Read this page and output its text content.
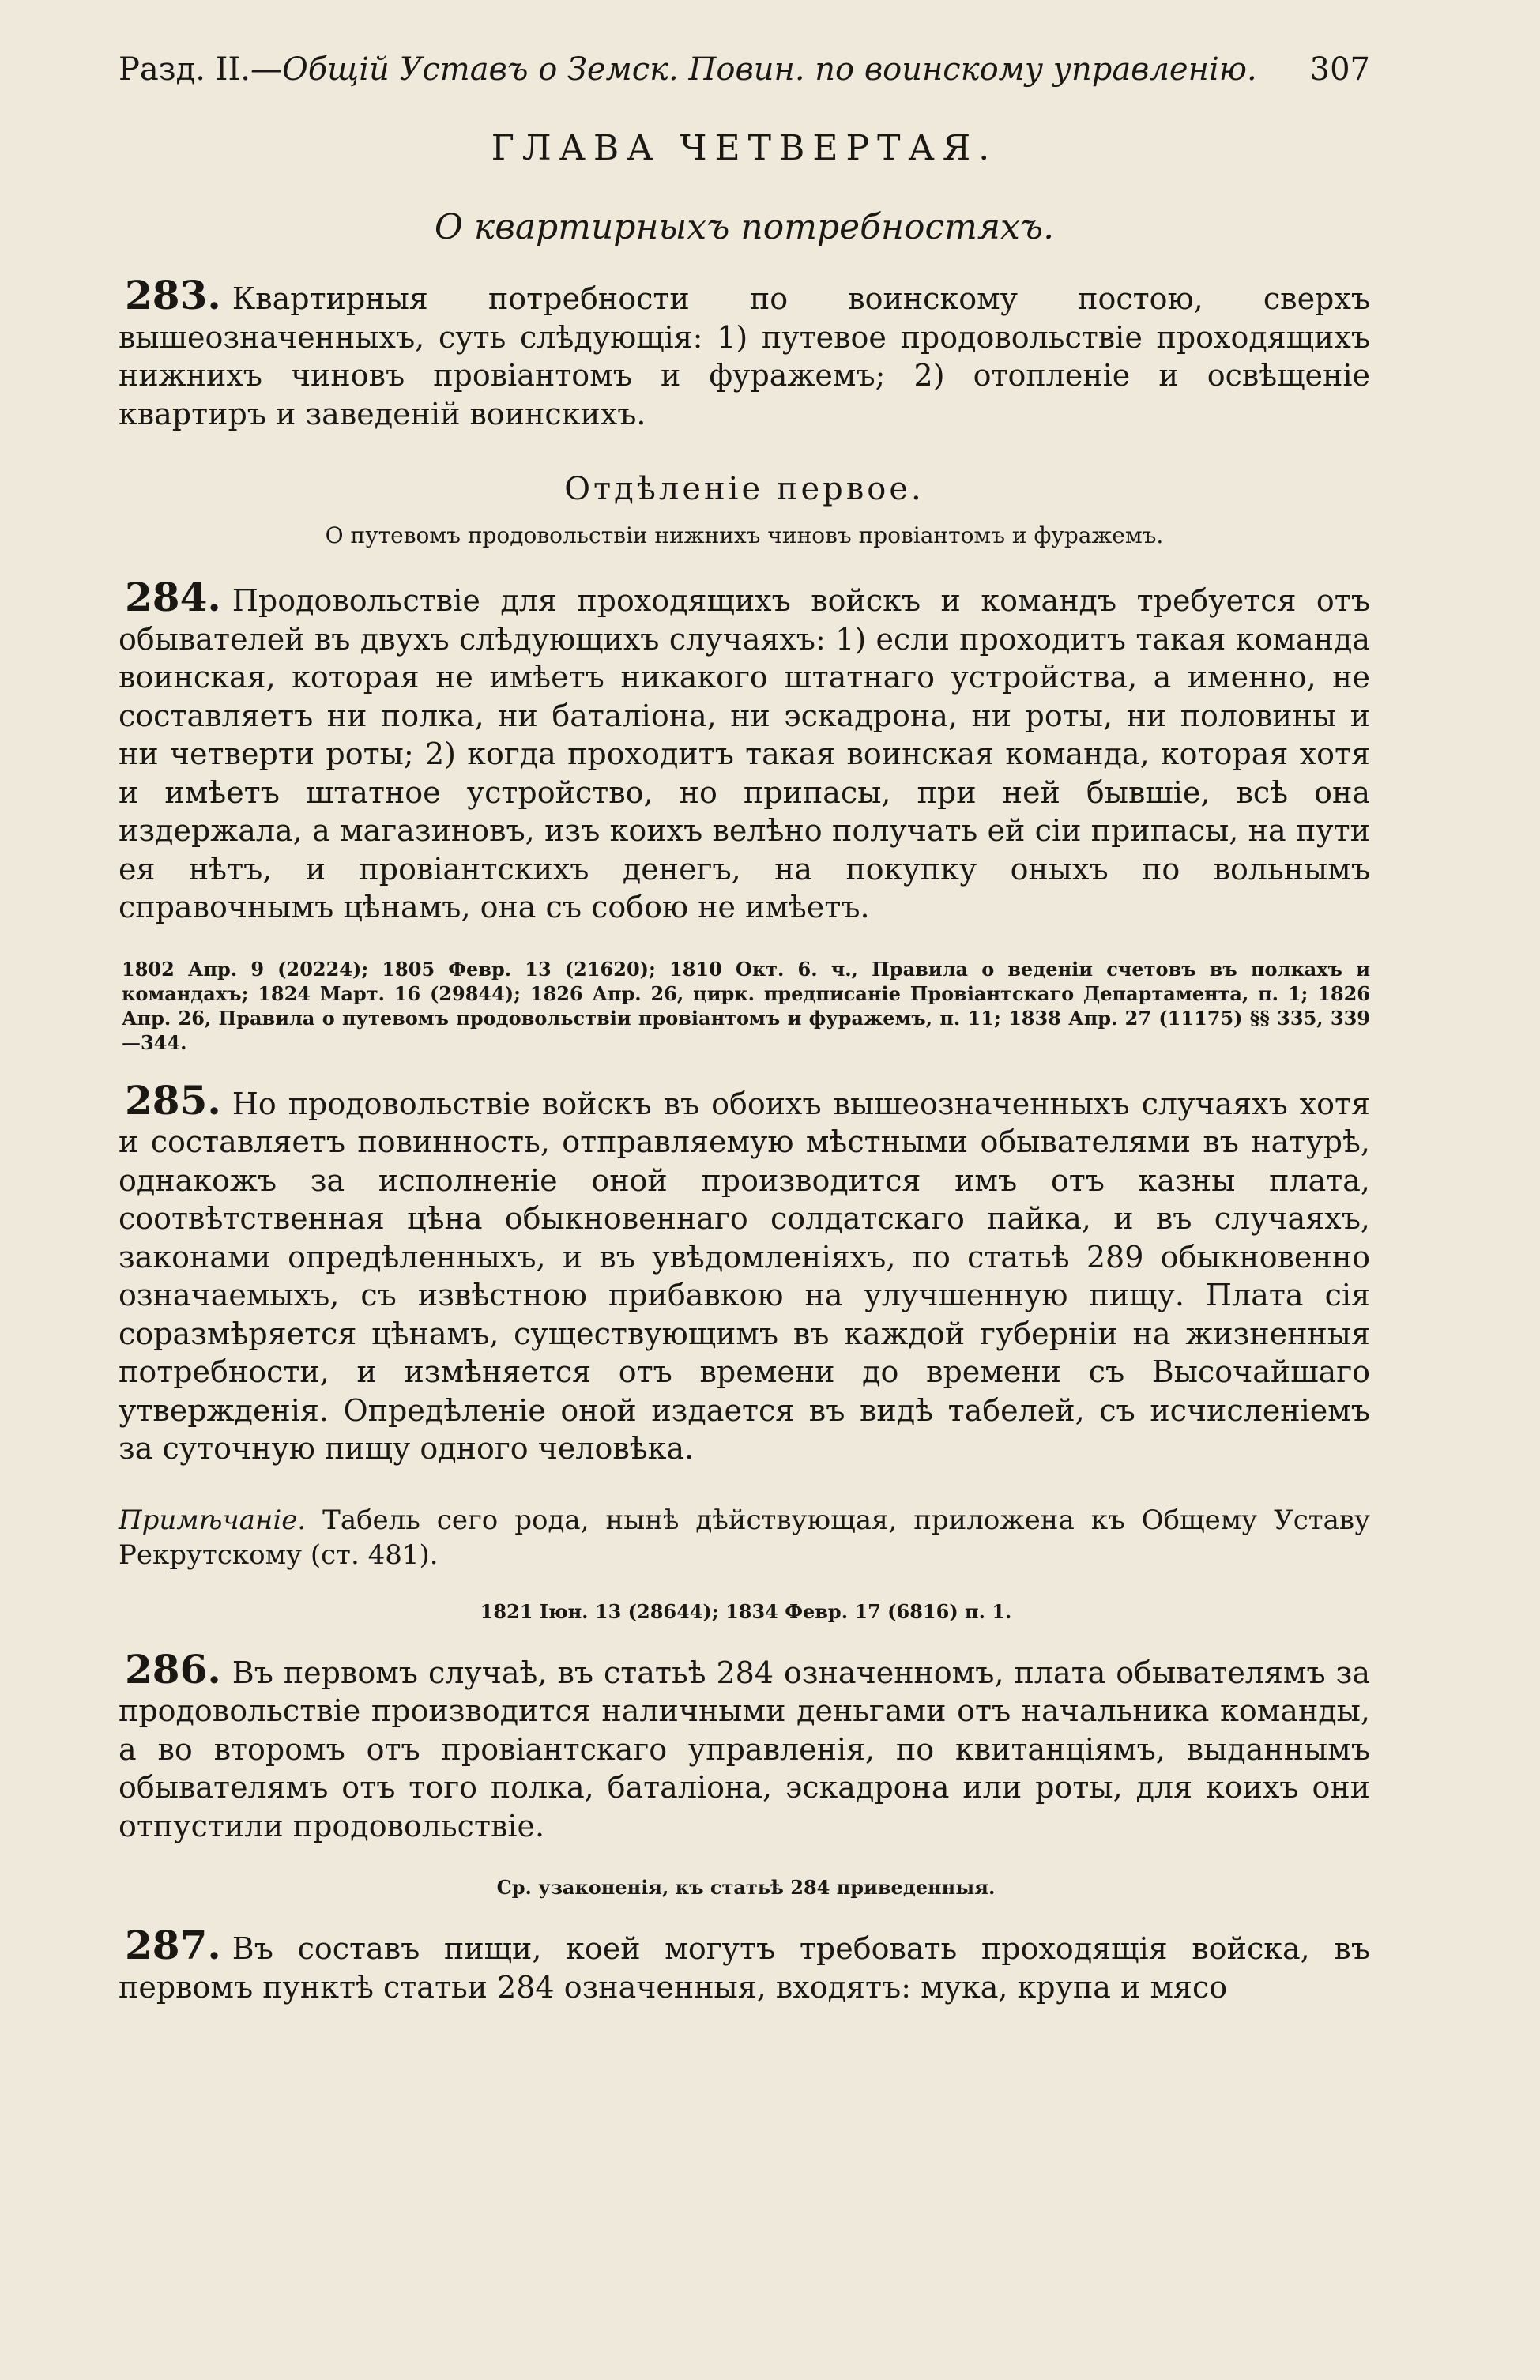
Разд. II.—Общій Уставъ о Земск. Повин. по воинскому управленію. 307
ГЛАВА ЧЕТВЕРТАЯ.
О квартирныхъ потребностяхъ.

283. Квартирныя потребности по воинскому постою, сверхъ вышеозначенныхъ, суть слѣдующія: 1) путевое продовольствіе проходящихъ нижнихъ чиновъ провіантомъ и фуражемъ; 2) отопленіе и освѣщеніе квартиръ и заведеній воинскихъ.

Отдѣленіе первое.
О путевомъ продовольствіи нижнихъ чиновъ провіантомъ и фуражемъ.

284. Продовольствіе для проходящихъ войскъ и командъ требуется отъ обывателей въ двухъ слѣдующихъ случаяхъ: 1) если проходитъ такая команда воинская, которая не имѣетъ никакого штатнаго устройства, а именно, не составляетъ ни полка, ни баталіона, ни эскадрона, ни роты, ни половины и ни четверти роты; 2) когда проходитъ такая воинская команда, которая хотя и имѣетъ штатное устройство, но припасы, при ней бывшіе, всѣ она издержала, а магазиновъ, изъ коихъ велѣно получать ей сіи припасы, на пути ея нѣтъ, и провіантскихъ денегъ, на покупку оныхъ по вольнымъ справочнымъ цѣнамъ, она съ собою не имѣетъ.

1802 Апр. 9 (20224); 1805 Февр. 13 (21620); 1810 Окт. 6. ч., Правила о веденіи счетовъ въ полкахъ и командахъ; 1824 Март. 16 (29844); 1826 Апр. 26, цирк. предписаніе Провіантскаго Департамента, п. 1; 1826 Апр. 26, Правила о путевомъ продовольствіи провіантомъ и фуражемъ, п. 11; 1838 Апр. 27 (11175) §§ 335, 339—344.

285. Но продовольствіе войскъ въ обоихъ вышеозначенныхъ случаяхъ хотя и составляетъ повинность, отправляемую мѣстными обывателями въ натурѣ, однакожъ за исполненіе оной производится имъ отъ казны плата, соотвѣтственная цѣна обыкновеннаго солдатскаго пайка, и въ случаяхъ, законами опредѣленныхъ, и въ увѣдомленіяхъ, по статьѣ 289 обыкновенно означаемыхъ, съ извѣстною прибавкою на улучшенную пищу. Плата сія соразмѣряется цѣнамъ, существующимъ въ каждой губерніи на жизненныя потребности, и измѣняется отъ времени до времени съ Высочайшаго утвержденія. Опредѣленіе оной издается въ видѣ табелей, съ исчисленіемъ за суточную пищу одного человѣка.

Примѣчаніе. Табель сего рода, нынѣ дѣйствующая, приложена къ Общему Уставу Рекрутскому (ст. 481).

1821 Іюн. 13 (28644); 1834 Февр. 17 (6816) п. 1.

286. Въ первомъ случаѣ, въ статьѣ 284 означенномъ, плата обывателямъ за продовольствіе производится наличными деньгами отъ начальника команды, а во второмъ отъ провіантскаго управленія, по квитанціямъ, выданнымъ обывателямъ отъ того полка, баталіона, эскадрона или роты, для коихъ они отпустили продовольствіе.

Ср. узаконенія, къ статьѣ 284 приведенныя.

287. Въ составъ пищи, коей могутъ требовать проходящія войска, въ первомъ пунктѣ статьи 284 означенныя, входятъ: мука, крупа и мясо
